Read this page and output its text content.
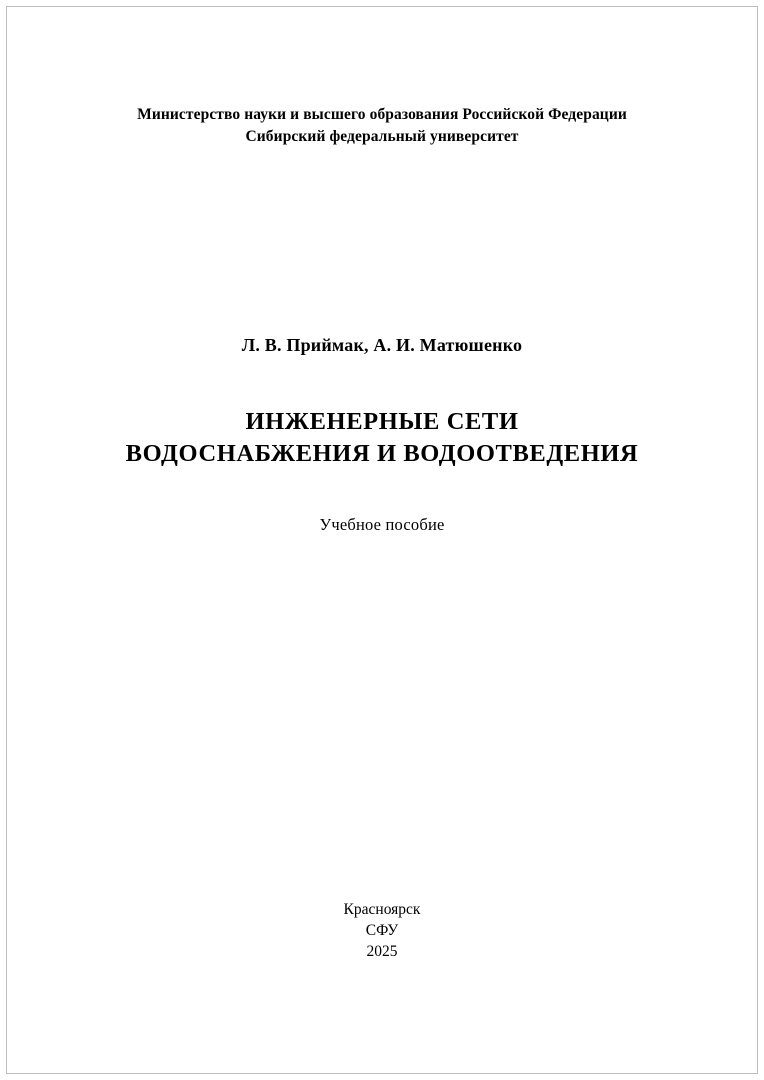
Министерство науки и высшего образования Российской Федерации
Сибирский федеральный университет
Л. В. Приймак, А. И. Матюшенко
ИНЖЕНЕРНЫЕ СЕТИ
ВОДОСНАБЖЕНИЯ И ВОДООТВЕДЕНИЯ
Учебное пособие
Красноярск
СФУ
2025
